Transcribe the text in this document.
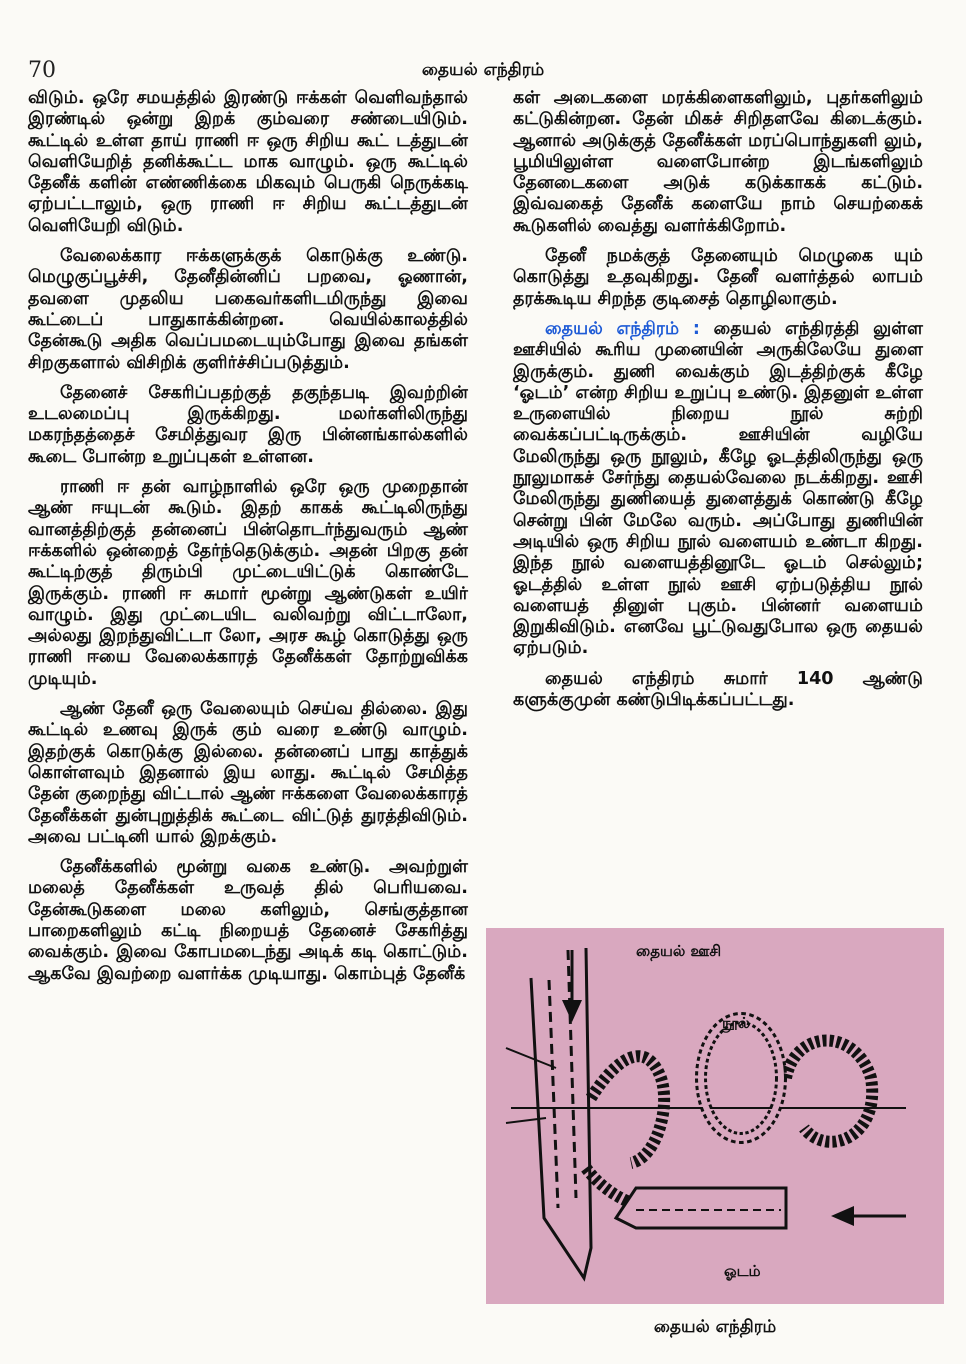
70	தையல் எந்திரம்

விடும். ஒரே சமயத்தில் இரண்டு ஈக்கள் வெளிவந்தால் இரண்டில் ஒன்று இறக் கும்வரை சண்டையிடும். கூட்டில் உள்ள தாய் ராணி ஈ ஒரு சிறிய கூட் டத்துடன் வெளியேறித் தனிக்கூட்ட மாக வாழும். ஒரு கூட்டில் தேனீக் களின் எண்ணிக்கை மிகவும் பெருகி நெருக்கடி ஏற்பட்டாலும், ஒரு ராணி ஈ சிறிய கூட்டத்துடன் வெளியேறி விடும்.

வேலைக்கார ஈக்களுக்குக் கொடுக்கு உண்டு. மெழுகுப்பூச்சி, தேனீதின்னிப் பறவை, ஓணான், தவளை முதலிய பகைவர்களிடமிருந்து இவை கூட்டைப் பாதுகாக்கின்றன. வெயில்காலத்தில் தேன்கூடு அதிக வெப்பமடையும்போது இவை தங்கள் சிறகுகளால் விசிறிக் குளிர்ச்சிப்படுத்தும்.

தேனைச் சேகரிப்பதற்குத் தகுந்தபடி இவற்றின் உடலமைப்பு இருக்கிறது. மலர்களிலிருந்து மகரந்தத்தைச் சேமித்துவர இரு பின்னங்கால்களில் கூடை போன்ற உறுப்புகள் உள்ளன.

ராணி ஈ தன் வாழ்நாளில் ஒரே ஒரு முறைதான் ஆண் ஈயுடன் கூடும். இதற் காகக் கூட்டிலிருந்து வானத்திற்குத் தன்னைப் பின்தொடர்ந்துவரும் ஆண் ஈக்களில் ஒன்றைத் தேர்ந்தெடுக்கும். அதன் பிறகு தன் கூட்டிற்குத் திரும்பி முட்டையிட்டுக் கொண்டே இருக்கும். ராணி ஈ சுமார் மூன்று ஆண்டுகள் உயிர் வாழும். இது முட்டையிட வலிவற்று விட்டாலோ, அல்லது இறந்துவிட்டா லோ, அரச கூழ் கொடுத்து ஒரு ராணி ஈயை வேலைக்காரத் தேனீக்கள் தோற்றுவிக்க முடியும்.

ஆண் தேனீ ஒரு வேலையும் செய்வ தில்லை. இது கூட்டில் உணவு இருக் கும் வரை உண்டு வாழும். இதற்குக் கொடுக்கு இல்லை. தன்னைப் பாது காத்துக் கொள்ளவும் இதனால் இய லாது. கூட்டில் சேமித்த தேன் குறைந்து விட்டால் ஆண் ஈக்களை வேலைக்காரத் தேனீக்கள் துன்புறுத்திக் கூட்டை விட்டுத் துரத்திவிடும். அவை பட்டினி யால் இறக்கும்.

தேனீக்களில் மூன்று வகை உண்டு. அவற்றுள் மலைத் தேனீக்கள் உருவத் தில் பெரியவை. தேன்கூடுகளை மலை களிலும், செங்குத்தான பாறைகளிலும் கட்டி நிறையத் தேனைச் சேகரித்து வைக்கும். இவை கோபமடைந்து அடிக் கடி கொட்டும். ஆகவே இவற்றை வளர்க்க முடியாது. கொம்புத் தேனீக்

கள் அடைகளை மரக்கிளைகளிலும், புதர்களிலும் கட்டுகின்றன. தேன் மிகச் சிறிதளவே கிடைக்கும். ஆனால் அடுக்குத் தேனீக்கள் மரப்பொந்துகளி லும், பூமியிலுள்ள வளைபோன்ற இடங்களிலும் தேனடைகளை அடுக் கடுக்காகக் கட்டும். இவ்வகைத் தேனீக் களையே நாம் செயற்கைக் கூடுகளில் வைத்து வளர்க்கிறோம்.

தேனீ நமக்குத் தேனையும் மெழுகை யும் கொடுத்து உதவுகிறது. தேனீ வளர்த்தல் லாபம் தரக்கூடிய சிறந்த குடிசைத் தொழிலாகும்.

தையல் எந்திரம் : தையல் எந்திரத்தி லுள்ள ஊசியில் கூரிய முனையின் அருகிலேயே துளை இருக்கும். துணி வைக்கும் இடத்திற்குக் கீழே ‘ஓடம்’ என்ற சிறிய உறுப்பு உண்டு. இதனுள் உள்ள உருளையில் நிறைய நூல் சுற்றி வைக்கப்பட்டிருக்கும். ஊசியின் வழியே மேலிருந்து ஒரு நூலும், கீழே ஓடத்திலிருந்து ஒரு நூலுமாகச் சேர்ந்து தையல்வேலை நடக்கிறது. ஊசி மேலிருந்து துணியைத் துளைத்துக் கொண்டு கீழே சென்று பின் மேலே வரும். அப்போது துணியின் அடியில் ஒரு சிறிய நூல் வளையம் உண்டா கிறது. இந்த நூல் வளையத்தினூடே ஓடம் செல்லும்; ஓடத்தில் உள்ள நூல் ஊசி ஏற்படுத்திய நூல் வளையத் தினுள் புகும். பின்னர் வளையம் இறுகிவிடும். எனவே பூட்டுவதுபோல ஒரு தையல் ஏற்படும்.

தையல் எந்திரம் சுமார் 140 ஆண்டு களுக்குமுன் கண்டுபிடிக்கப்பட்டது.

தையல் ஊசி
நூல்
ஓடம்
தையல் எந்திரம்
